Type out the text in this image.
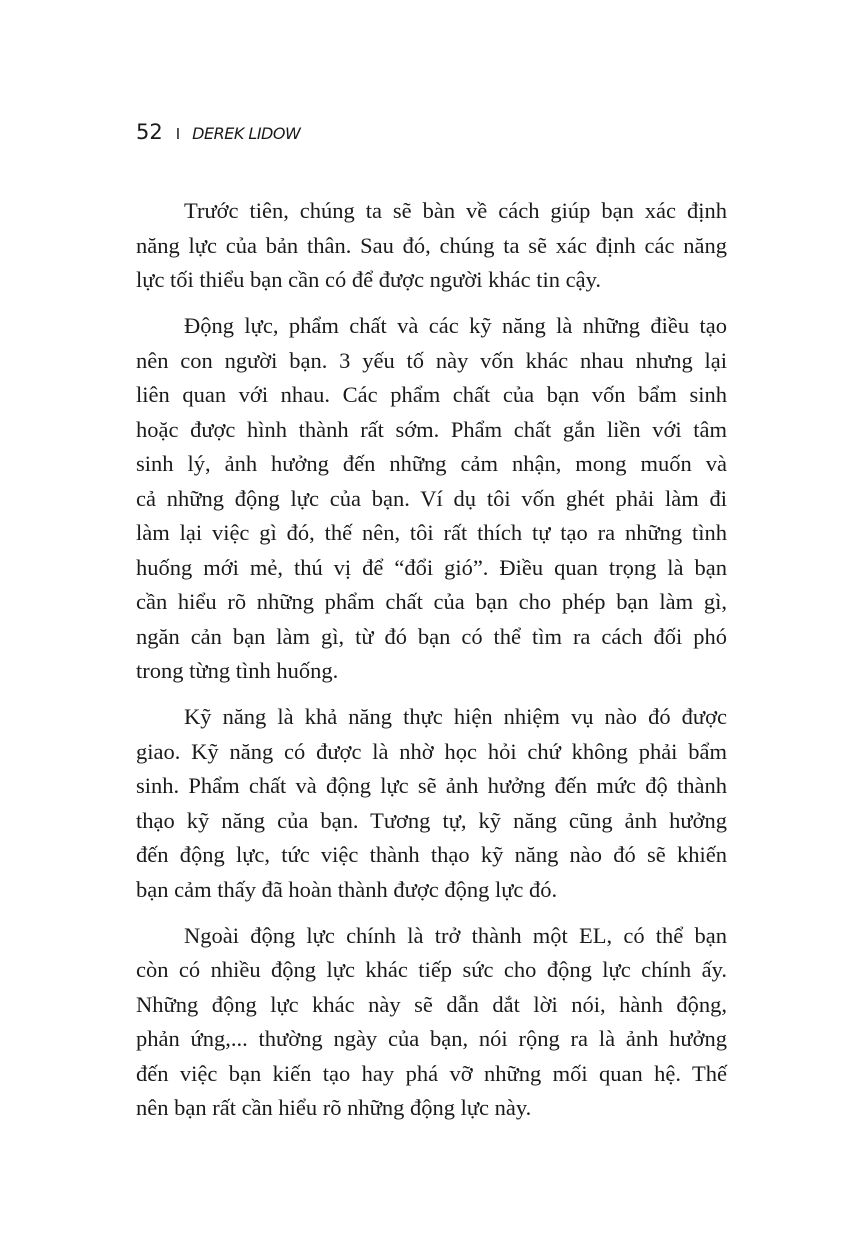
52 I DEREK LIDOW
Trước tiên, chúng ta sẽ bàn về cách giúp bạn xác định
năng lực của bản thân. Sau đó, chúng ta sẽ xác định các năng
lực tối thiểu bạn cần có để được người khác tin cậy.
Động lực, phẩm chất và các kỹ năng là những điều tạo
nên con người bạn. 3 yếu tố này vốn khác nhau nhưng lại
liên quan với nhau. Các phẩm chất của bạn vốn bẩm sinh
hoặc được hình thành rất sớm. Phẩm chất gắn liền với tâm
sinh lý, ảnh hưởng đến những cảm nhận, mong muốn và
cả những động lực của bạn. Ví dụ tôi vốn ghét phải làm đi
làm lại việc gì đó, thế nên, tôi rất thích tự tạo ra những tình
huống mới mẻ, thú vị để “đổi gió”. Điều quan trọng là bạn
cần hiểu rõ những phẩm chất của bạn cho phép bạn làm gì,
ngăn cản bạn làm gì, từ đó bạn có thể tìm ra cách đối phó
trong từng tình huống.
Kỹ năng là khả năng thực hiện nhiệm vụ nào đó được
giao. Kỹ năng có được là nhờ học hỏi chứ không phải bẩm
sinh. Phẩm chất và động lực sẽ ảnh hưởng đến mức độ thành
thạo kỹ năng của bạn. Tương tự, kỹ năng cũng ảnh hưởng
đến động lực, tức việc thành thạo kỹ năng nào đó sẽ khiến
bạn cảm thấy đã hoàn thành được động lực đó.
Ngoài động lực chính là trở thành một EL, có thể bạn
còn có nhiều động lực khác tiếp sức cho động lực chính ấy.
Những động lực khác này sẽ dẫn dắt lời nói, hành động,
phản ứng,... thường ngày của bạn, nói rộng ra là ảnh hưởng
đến việc bạn kiến tạo hay phá vỡ những mối quan hệ. Thế
nên bạn rất cần hiểu rõ những động lực này.
